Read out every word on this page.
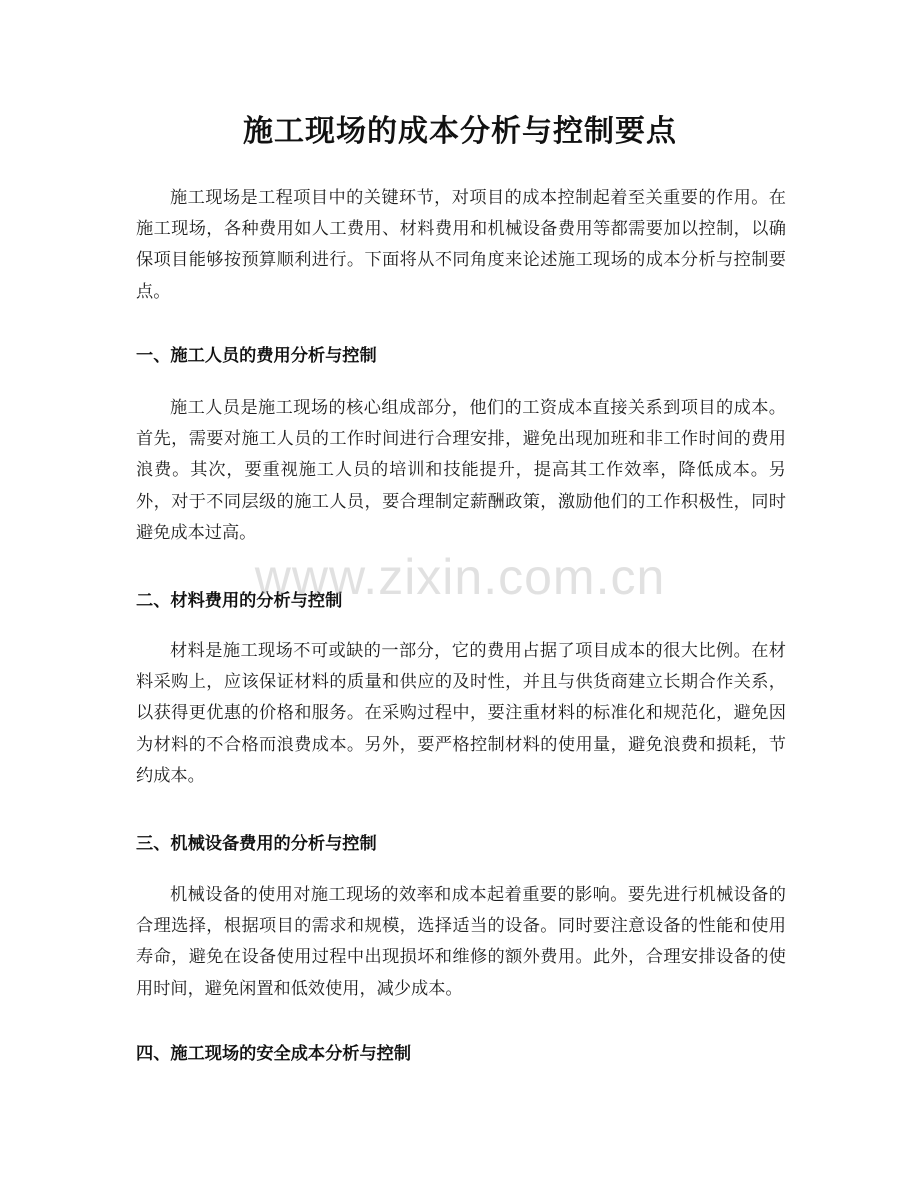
施工现场的成本分析与控制要点

施工现场是工程项目中的关键环节，对项目的成本控制起着至关重要的作用。在施工现场，各种费用如人工费用、材料费用和机械设备费用等都需要加以控制，以确保项目能够按预算顺利进行。下面将从不同角度来论述施工现场的成本分析与控制要点。

一、施工人员的费用分析与控制

施工人员是施工现场的核心组成部分，他们的工资成本直接关系到项目的成本。首先，需要对施工人员的工作时间进行合理安排，避免出现加班和非工作时间的费用浪费。其次，要重视施工人员的培训和技能提升，提高其工作效率，降低成本。另外，对于不同层级的施工人员，要合理制定薪酬政策，激励他们的工作积极性，同时避免成本过高。

二、材料费用的分析与控制

材料是施工现场不可或缺的一部分，它的费用占据了项目成本的很大比例。在材料采购上，应该保证材料的质量和供应的及时性，并且与供货商建立长期合作关系，以获得更优惠的价格和服务。在采购过程中，要注重材料的标准化和规范化，避免因为材料的不合格而浪费成本。另外，要严格控制材料的使用量，避免浪费和损耗，节约成本。

三、机械设备费用的分析与控制

机械设备的使用对施工现场的效率和成本起着重要的影响。要先进行机械设备的合理选择，根据项目的需求和规模，选择适当的设备。同时要注意设备的性能和使用寿命，避免在设备使用过程中出现损坏和维修的额外费用。此外，合理安排设备的使用时间，避免闲置和低效使用，减少成本。

四、施工现场的安全成本分析与控制
www.zixin.com.cn
